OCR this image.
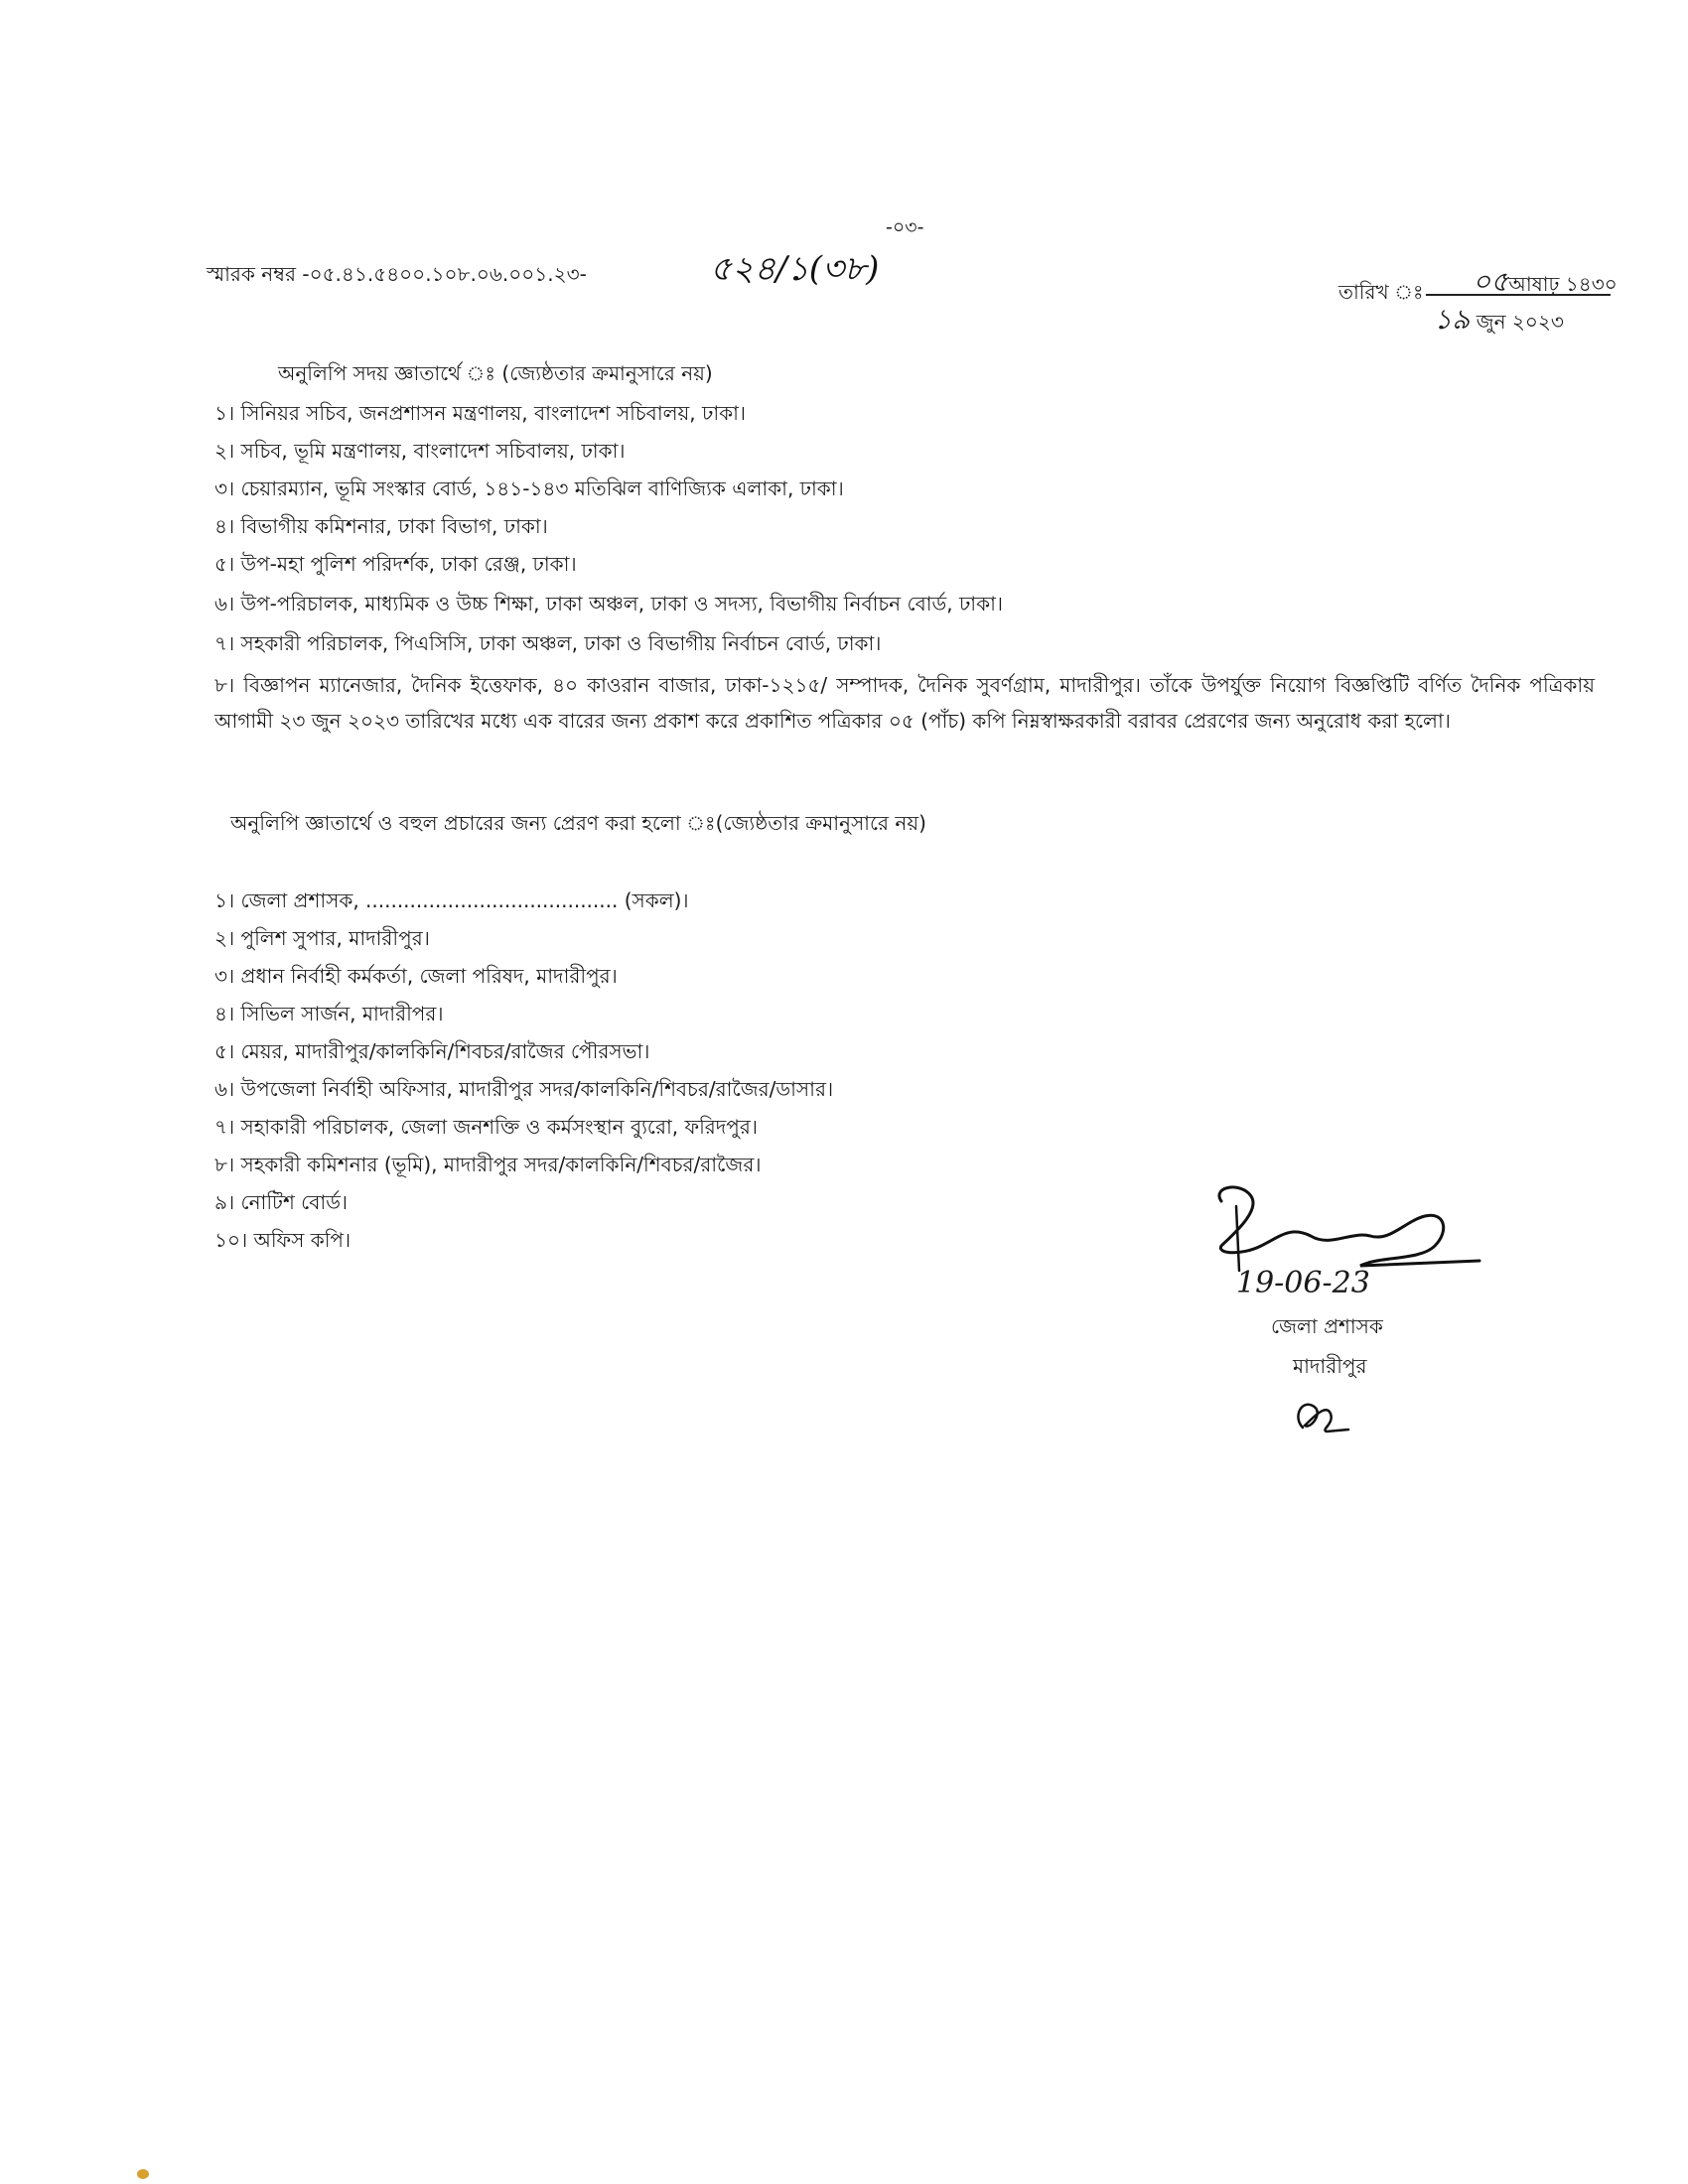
-০৩-
স্মারক নম্বর -০৫.৪১.৫৪০০.১০৮.০৬.০০১.২৩-	৫২৪/১(৩৮)
তারিখ ঃ ০৫আষাঢ় ১৪৩০
১৯ জুন ২০২৩
অনুলিপি সদয় জ্ঞাতার্থে ঃ (জ্যেষ্ঠতার ক্রমানুসারে নয়)
১। সিনিয়র সচিব, জনপ্রশাসন মন্ত্রণালয়, বাংলাদেশ সচিবালয়, ঢাকা।
২। সচিব, ভূমি মন্ত্রণালয়, বাংলাদেশ সচিবালয়, ঢাকা।
৩। চেয়ারম্যান, ভূমি সংস্কার বোর্ড, ১৪১-১৪৩ মতিঝিল বাণিজ্যিক এলাকা, ঢাকা।
৪। বিভাগীয় কমিশনার, ঢাকা বিভাগ, ঢাকা।
৫। উপ-মহা পুলিশ পরিদর্শক, ঢাকা রেঞ্জ, ঢাকা।
৬। উপ-পরিচালক, মাধ্যমিক ও উচ্চ শিক্ষা, ঢাকা অঞ্চল, ঢাকা ও সদস্য, বিভাগীয় নির্বাচন বোর্ড, ঢাকা।
৭। সহকারী পরিচালক, পিএসিসি, ঢাকা অঞ্চল, ঢাকা ও বিভাগীয় নির্বাচন বোর্ড, ঢাকা।
৮। বিজ্ঞাপন ম্যানেজার, দৈনিক ইত্তেফাক, ৪০ কাওরান বাজার, ঢাকা-১২১৫/ সম্পাদক, দৈনিক সুবর্ণগ্রাম, মাদারীপুর। তাঁকে উপর্যুক্ত নিয়োগ বিজ্ঞপ্তিটি বর্ণিত দৈনিক পত্রিকায় আগামী ২৩ জুন ২০২৩ তারিখের মধ্যে এক বারের জন্য প্রকাশ করে প্রকাশিত পত্রিকার ০৫ (পাঁচ) কপি নিম্নস্বাক্ষরকারী বরাবর প্রেরণের জন্য অনুরোধ করা হলো।
অনুলিপি জ্ঞাতার্থে ও বহুল প্রচারের জন্য প্রেরণ করা হলো ঃ(জ্যেষ্ঠতার ক্রমানুসারে নয়)
১। জেলা প্রশাসক, ........................................ (সকল)।
২। পুলিশ সুপার, মাদারীপুর।
৩। প্রধান নির্বাহী কর্মকর্তা, জেলা পরিষদ, মাদারীপুর।
৪। সিভিল সার্জন, মাদারীপর।
৫। মেয়র, মাদারীপুর/কালকিনি/শিবচর/রাজৈর পৌরসভা।
৬। উপজেলা নির্বাহী অফিসার, মাদারীপুর সদর/কালকিনি/শিবচর/রাজৈর/ডাসার।
৭। সহাকারী পরিচালক, জেলা জনশক্তি ও কর্মসংস্থান ব্যুরো, ফরিদপুর।
৮। সহকারী কমিশনার (ভূমি), মাদারীপুর সদর/কালকিনি/শিবচর/রাজৈর।
৯। নোটিশ বোর্ড।
১০। অফিস কপি।
19-06-23
জেলা প্রশাসক
মাদারীপুর
